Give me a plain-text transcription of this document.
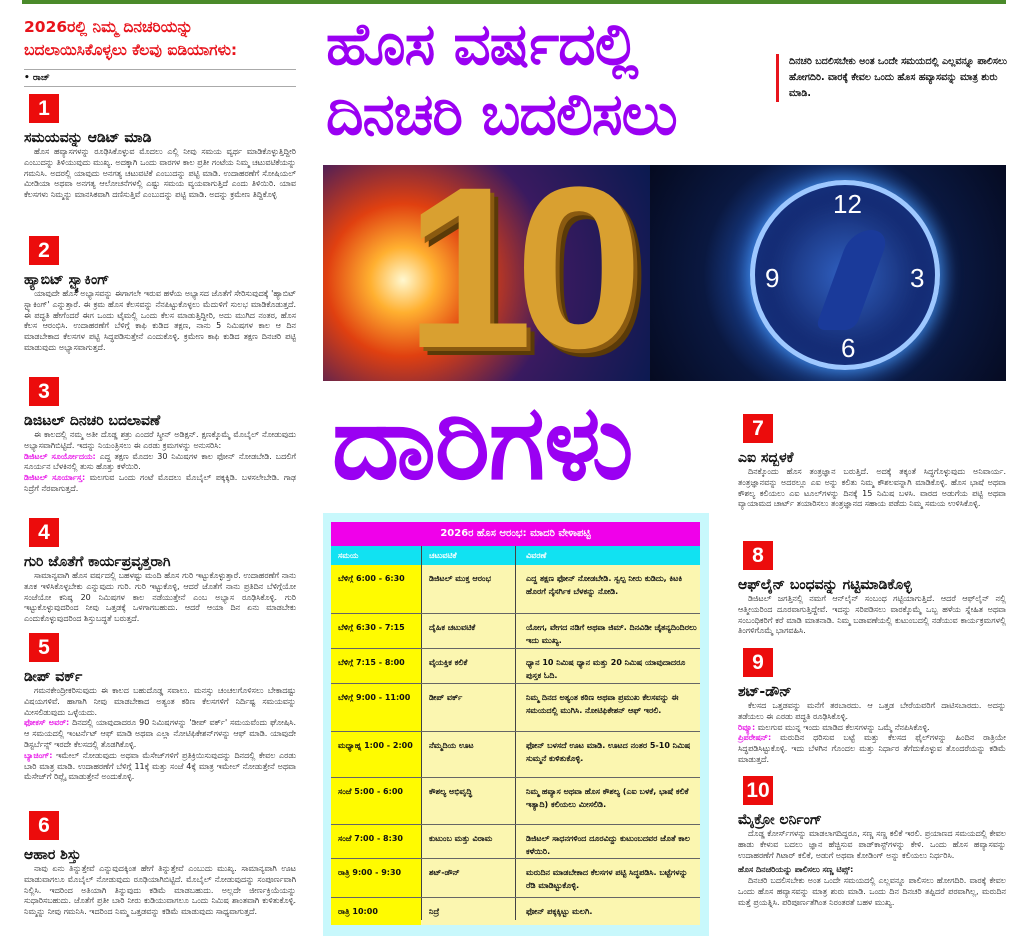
2026ರಲ್ಲಿ ನಿಮ್ಮ ದಿನಚರಿಯನ್ನು ಬದಲಾಯಿಸಿಕೊಳ್ಳಲು ಕೆಲವು ಐಡಿಯಾಗಳು:
• ರಾಜ್	ಹೊಸ ವರ್ಷದಲ್ಲಿ
ದಿನಚರಿ ಬದಲಿಸಲು
ದಿನಚರಿ ಬದಲಿಸಬೇಕು ಅಂತ ಒಂದೇ ಸಮಯದಲ್ಲಿ ಎಲ್ಲವನ್ನೂ ಪಾಲಿಸಲು ಹೋಗದಿರಿ. ವಾರಕ್ಕೆ ಕೇವಲ ಒಂದು ಹೊಸ ಹವ್ಯಾಸವನ್ನು ಮಾತ್ರ ಶುರು ಮಾಡಿ.
10	12
3
6
9
ದಾರಿಗಳು
1
ಸಮಯವನ್ನು ಆಡಿಟ್ ಮಾಡಿ

ಹೊಸ ಹವ್ಯಾಸಗಳನ್ನು ರೂಢಿಸಿಕೊಳ್ಳುವ ಮೊದಲು ಎಲ್ಲಿ ನೀವು ಸಮಯ ವ್ಯರ್ಥ ಮಾಡಿಕೊಳ್ಳುತ್ತಿದ್ದೀರಿ ಎಂಬುದನ್ನು ತಿಳಿಯುವುದು ಮುಖ್ಯ. ಅದಕ್ಕಾಗಿ ಒಂದು ವಾರಗಳ ಕಾಲ ಪ್ರತೀ ಗಂಟೆಯ ನಿಮ್ಮ ಚಟುವಟಿಕೆಯನ್ನು ಗಮನಿಸಿ. ಅದರಲ್ಲಿ ಯಾವುದು ಅನಗತ್ಯ ಚಟುವಟಿಕೆ ಎಂಬುದನ್ನು ಪಟ್ಟಿ ಮಾಡಿ. ಉದಾಹರಣೆಗೆ ಸೋಷಿಯಲ್ ಮೀಡಿಯಾ ಅಥವಾ ಅನಗತ್ಯ ಆಲೋಚನೆಗಳಲ್ಲಿ ಎಷ್ಟು ಸಮಯ ವ್ಯಯವಾಗುತ್ತಿದೆ ಎಂದು ತಿಳಿಯಿರಿ. ಯಾವ ಕೆಲಸಗಳು ನಿಮ್ಮನ್ನು ಮಾನಸಿಕವಾಗಿ ದಣಿಸುತ್ತಿವೆ ಎಂಬುದನ್ನು ಪಟ್ಟಿ ಮಾಡಿ. ಅದನ್ನು ಕ್ರಮೇಣ ತಿದ್ದಿಕೊಳ್ಳಿ

2
ಹ್ಯಾಬಿಟ್ ಸ್ಟ್ಯಾಕಿಂಗ್

ಯಾವುದೇ ಹೊಸ ಅಭ್ಯಾಸವನ್ನು ಈಗಾಗಲೇ ಇರುವ ಹಳೆಯ ಅಭ್ಯಾಸದ ಜೊತೆಗೆ ಸೇರಿಸುವುದಕ್ಕೆ 'ಹ್ಯಾಬಿಟ್ ಸ್ಟ್ಯಾಕಿಂಗ್' ಎನ್ನುತ್ತಾರೆ. ಈ ಕ್ರಮ ಹೊಸ ಕೆಲಸವನ್ನು ನೆನಪಿಟ್ಟುಕೊಳ್ಳಲು ಮೆದುಳಿಗೆ ಸುಲಭ ಮಾಡಿಕೊಡುತ್ತದೆ. ಈ ಪದ್ಧತಿ ಹೇಗೆಂದರೆ ಈಗ ಒಂದು ಟೈಮಲ್ಲಿ ಒಂದು ಕೆಲಸ ಮಾಡುತ್ತಿದ್ದೀರಿ, ಅದು ಮುಗಿದ ನಂತರ, ಹೊಸ ಕೆಲಸ ಆರಂಭಿಸಿ. ಉದಾಹರಣೆಗೆ ಬೆಳಿಗ್ಗೆ ಕಾಫಿ ಕುಡಿದ ತಕ್ಷಣ, ನಾನು 5 ನಿಮಿಷಗಳ ಕಾಲ ಆ ದಿನ ಮಾಡಬೇಕಾದ ಕೆಲಸಗಳ ಪಟ್ಟಿ ಸಿದ್ಧಪಡಿಸುತ್ತೇನೆ ಎಂದುಕೊಳ್ಳಿ. ಕ್ರಮೇಣ ಕಾಫಿ ಕುಡಿದ ತಕ್ಷಣ ದಿನಚರಿ ಪಟ್ಟಿ ಮಾಡುವುದು ಅಭ್ಯಾಸವಾಗುತ್ತದೆ.

3
ಡಿಜಿಟಲ್ ದಿನಚರಿ ಬದಲಾವಣೆ

ಈ ಕಾಲದಲ್ಲಿ ನಮ್ಮ ಅತೀ ದೊಡ್ಡ ಶತ್ರು ಎಂದರೆ ಸ್ಕ್ರೀನ್ ಅಡಿಕ್ಷನ್. ಕ್ಷಣಕ್ಕೊಮ್ಮೆ ಮೊಬೈಲ್ ನೋಡುವುದು ಅಭ್ಯಾಸವಾಗಿಬಿಟ್ಟಿದೆ. ಇದನ್ನು ನಿಯಂತ್ರಿಸಲು ಈ ಎರಡು ಕ್ರಮಗಳನ್ನು ಅನುಸರಿಸಿ:

ಡಿಜಿಟಲ್ ಸೂರ್ಯೋದಯ: ಎದ್ದ ತಕ್ಷಣ ಮೊದಲ 30 ನಿಮಿಷಗಳ ಕಾಲ ಫೋನ್ ನೋಡಬೇಡಿ. ಬದಲಿಗೆ ಸೂರ್ಯನ ಬೆಳಕಿನಲ್ಲಿ ತುಸು ಹೊತ್ತು ಕಳೆಯಿರಿ.

ಡಿಜಿಟಲ್ ಸೂರ್ಯಾಸ್ತ: ಮಲಗುವ ಒಂದು ಗಂಟೆ ಮೊದಲು ಮೊಬೈಲ್ ಪಕ್ಕಕ್ಕಿಡಿ. ಬಳಸಲೇಬೇಡಿ. ಗಾಢ ನಿದ್ರೆಗೆ ನೆರವಾಗುತ್ತದೆ.

4
ಗುರಿ ಜೊತೆಗೆ ಕಾರ್ಯಪ್ರವೃತ್ತರಾಗಿ

ಸಾಮಾನ್ಯವಾಗಿ ಹೊಸ ವರ್ಷದಲ್ಲಿ ಬಹಳಷ್ಟು ಮಂದಿ ಹೊಸ ಗುರಿ ಇಟ್ಟುಕೊಳ್ಳುತ್ತಾರೆ. ಉದಾಹರಣೆಗೆ ನಾನು ತೂಕ ಇಳಿಸಿಕೊಳ್ಳಬೇಕು ಎನ್ನುವುದು ಗುರಿ. ಗುರಿ ಇಟ್ಟುಕೊಳ್ಳಿ, ಆದರೆ ಜೊತೆಗೆ ನಾನು ಪ್ರತಿದಿನ ಬೆಳಿಗ್ಗೆಯೋ ಸಂಜೆಯೋ ಕನಿಷ್ಠ 20 ನಿಮಿಷಗಳ ಕಾಲ ನಡೆಯುತ್ತೇನೆ ಎಂಬ ಅಭ್ಯಾಸ ರೂಢಿಸಿಕೊಳ್ಳಿ. ಗುರಿ ಇಟ್ಟುಕೊಳ್ಳುವುದರಿಂದ ನೀವು ಒತ್ತಡಕ್ಕೆ ಒಳಗಾಗಬಹುದು. ಆದರೆ ಆಯಾ ದಿನ ಏನು ಮಾಡಬೇಕು ಎಂದುಕೊಳ್ಳುವುದರಿಂದ ಶಿಸ್ತುಬದ್ಧತೆ ಬರುತ್ತದೆ.

5
ಡೀಪ್ ವರ್ಕ್

ಗಮನಕೇಂದ್ರೀಕರಿಸುವುದು ಈ ಕಾಲದ ಬಹುದೊಡ್ಡ ಸವಾಲು. ಮನಸ್ಸು ಚಂಚಲಗೊಳಿಸಲು ಬೇಕಾದಷ್ಟು ವಿಷಯಗಳಿವೆ. ಹಾಗಾಗಿ ನೀವು ಮಾಡಬೇಕಾದ ಅತ್ಯಂತ ಕಠಿಣ ಕೆಲಸಗಳಿಗೆ ನಿರ್ದಿಷ್ಟ ಸಮಯವನ್ನು ಮೀಸಲಿಡುವುದು ಒಳ್ಳೆಯದು.

ಫೋಕಸ್ ಅವರ್: ದಿನದಲ್ಲಿ ಯಾವುದಾದರೂ 90 ನಿಮಿಷಗಳನ್ನು 'ಡೀಪ್ ವರ್ಕ್' ಸಮಯವೆಂದು ಘೋಷಿಸಿ. ಆ ಸಮಯದಲ್ಲಿ ಇಂಟರ್ನೆಟ್ ಆಫ್ ಮಾಡಿ ಅಥವಾ ಎಲ್ಲಾ ನೋಟಿಫಿಕೇಶನ್‌ಗಳನ್ನು ಆಫ್ ಮಾಡಿ. ಯಾವುದೇ ಡಿಸ್ಟರ್ಬೆನ್ಸ್ ಇರದೇ ಕೆಲಸದಲ್ಲಿ ತೊಡಗಿಕೊಳ್ಳಿ.

ಬ್ಯಾಚಿಂಗ್: ಇಮೇಲ್ ನೋಡುವುದು ಅಥವಾ ಮೆಸೇಜ್‌ಗಳಿಗೆ ಪ್ರತಿಕ್ರಿಯಿಸುವುದನ್ನು ದಿನದಲ್ಲಿ ಕೇವಲ ಎರಡು ಬಾರಿ ಮಾತ್ರ ಮಾಡಿ. ಉದಾಹರಣೆಗೆ ಬೆಳಿಗ್ಗೆ 11ಕ್ಕೆ ಮತ್ತು ಸಂಜೆ 4ಕ್ಕೆ ಮಾತ್ರ ಇಮೇಲ್ ನೋಡುತ್ತೇನೆ ಅಥವಾ ಮೆಸೇಜ್‌ಗೆ ರಿಪ್ಲೈ ಮಾಡುತ್ತೇನೆ ಅಂದುಕೊಳ್ಳಿ.

6
ಆಹಾರ ಶಿಸ್ತು

ನಾವು ಏನು ತಿನ್ನುತ್ತೇವೆ ಎನ್ನುವುದಕ್ಕಿಂತ ಹೇಗೆ ತಿನ್ನುತ್ತೇವೆ ಎಂಬುದು ಮುಖ್ಯ. ಸಾಮಾನ್ಯವಾಗಿ ಊಟ ಮಾಡುವಾಗಲೂ ಮೊಬೈಲ್ ನೋಡುವುದು ರೂಢಿಯಾಗಿಬಿಟ್ಟಿದೆ. ಮೊಬೈಲ್ ನೋಡುವುದನ್ನು ಸಂಪೂರ್ಣವಾಗಿ ನಿಲ್ಲಿಸಿ. ಇದರಿಂದ ಅತಿಯಾಗಿ ತಿನ್ನುವುದು ಕಡಿಮೆ ಮಾಡಬಹುದು. ಅಲ್ಲದೇ ಜೀರ್ಣಕ್ರಿಯೆಯನ್ನು ಸುಧಾರಿಸಬಹುದು. ಜೊತೆಗೆ ಪ್ರತೀ ಬಾರಿ ನೀರು ಕುಡಿಯುವಾಗಲೂ ಒಂದು ನಿಮಿಷ ಶಾಂತವಾಗಿ ಕುಳಿತುಕೊಳ್ಳಿ. ನಿಮ್ಮನ್ನು ನೀವು ಗಮನಿಸಿ. ಇದರಿಂದ ನಿಮ್ಮ ಒತ್ತಡವನ್ನು ಕಡಿಮೆ ಮಾಡುವುದು ಸಾಧ್ಯವಾಗುತ್ತದೆ.

7
ಎಐ ಸದ್ಬಳಕೆ

ದಿನಕ್ಕೊಂದು ಹೊಸ ತಂತ್ರಜ್ಞಾನ ಬರುತ್ತಿದೆ. ಅದಕ್ಕೆ ತಕ್ಕಂತೆ ಸಿದ್ಧಗೊಳ್ಳುವುದು ಅನಿವಾರ್ಯ. ತಂತ್ರಜ್ಞಾನವನ್ನು ಅದರಲ್ಲೂ ಎಐ ಅನ್ನು ಕಲಿತು ನಿಮ್ಮ ಕೌಶಲವನ್ನಾಗಿ ಮಾಡಿಕೊಳ್ಳಿ. ಹೊಸ ಭಾಷೆ ಅಥವಾ ಕೌಶಲ್ಯ ಕಲಿಯಲು ಎಐ ಟೂಲ್‌ಗಳನ್ನು ದಿನಕ್ಕೆ 15 ನಿಮಿಷ ಬಳಸಿ. ವಾರದ ಅಡುಗೆಯ ಪಟ್ಟಿ ಅಥವಾ ವ್ಯಾಯಾಮದ ಚಾರ್ಟ್ ತಯಾರಿಸಲು ತಂತ್ರಜ್ಞಾನದ ಸಹಾಯ ಪಡೆದು ನಿಮ್ಮ ಸಮಯ ಉಳಿಸಿಕೊಳ್ಳಿ.

8
ಆಫ್‌ಲೈನ್ ಬಂಧವನ್ನು ಗಟ್ಟಿಮಾಡಿಕೊಳ್ಳಿ

ಡಿಜಿಟಲ್ ಜಗತ್ತಿನಲ್ಲಿ ನಮಗೆ ಆನ್‌ಲೈನ್ ಸಂಬಂಧ ಗಟ್ಟಿಯಾಗುತ್ತಿದೆ. ಆದರೆ ಆಫ್‌ಲೈನ್ ನಲ್ಲಿ ಆತ್ಮೀಯರಿಂದ ದೂರವಾಗುತ್ತಿದ್ದೇವೆ. ಇದನ್ನು ಸರಿಪಡಿಸಲು ವಾರಕ್ಕೊಮ್ಮೆ ಒಬ್ಬ ಹಳೆಯ ಸ್ನೇಹಿತ ಅಥವಾ ಸಂಬಂಧಿಕರಿಗೆ ಕರೆ ಮಾಡಿ ಮಾತನಾಡಿ. ನಿಮ್ಮ ಬಡಾವಣೆಯಲ್ಲಿ ಕುಟುಂಬದಲ್ಲಿ ನಡೆಯುವ ಕಾರ್ಯಕ್ರಮಗಳಲ್ಲಿ ತಿಂಗಳಿಗೊಮ್ಮೆ ಭಾಗವಹಿಸಿ.

9
ಶಟ್-ಡೌನ್

ಕೆಲಸದ ಒತ್ತಡವನ್ನು ಮನೆಗೆ ತರಬಾರದು. ಆ ಒತ್ತಡ ಬೇರೆಯವರಿಗೆ ದಾಟಿಸಬಾರದು. ಅದನ್ನು ತಡೆಯಲು ಈ ಎರಡು ಪದ್ಧತಿ ರೂಢಿಸಿಕೊಳ್ಳಿ.

ರಿವ್ಯೂ: ಮಲಗುವ ಮುನ್ನ ಇಂದು ಮಾಡಿದ ಕೆಲಸಗಳನ್ನು ಒಮ್ಮೆ ನೆನಪಿಸಿಕೊಳ್ಳಿ.

ಪ್ರಿಪರೇಷನ್: ಮರುದಿನ ಧರಿಸುವ ಬಟ್ಟೆ ಮತ್ತು ಕೆಲಸದ ಫೈಲ್‌ಗಳನ್ನು ಹಿಂದಿನ ರಾತ್ರಿಯೇ ಸಿದ್ಧಪಡಿಸಿಟ್ಟುಕೊಳ್ಳಿ. ಇದು ಬೆಳಗಿನ ಗೊಂದಲ ಮತ್ತು ನಿರ್ಧಾರ ತೆಗೆದುಕೊಳ್ಳುವ ತೊಂದರೆಯನ್ನು ಕಡಿಮೆ ಮಾಡುತ್ತದೆ.

10
ಮೈಕ್ರೋ ಲರ್ನಿಂಗ್

ದೊಡ್ಡ ಕೋರ್ಸ್‌ಗಳನ್ನು ಮಾಡಲಾಗದಿದ್ದರೂ, ಸಣ್ಣ ಸಣ್ಣ ಕಲಿಕೆ ಇರಲಿ. ಪ್ರಯಾಣದ ಸಮಯದಲ್ಲಿ ಕೇವಲ ಹಾಡು ಕೇಳುವ ಬದಲು ಜ್ಞಾನ ಹೆಚ್ಚಿಸುವ ಪಾಡ್‌ಕಾಸ್ಟ್‌ಗಳನ್ನು ಕೇಳಿ. ಒಂದು ಹೊಸ ಹವ್ಯಾಸವನ್ನು ಉದಾಹರಣೆಗೆ ಗಿಟಾರ್ ಕಲಿಕೆ, ಅಡುಗೆ ಅಥವಾ ಕೋಡಿಂಗ್ ಅನ್ನು ಕಲಿಯಲು ನಿರ್ಧರಿಸಿ.

ಹೊಸ ದಿನಚರಿಯನ್ನು ಪಾಲಿಸಲು ಸಣ್ಣ ಟಿಪ್ಸ್:

ದಿನಚರಿ ಬದಲಿಸಬೇಕು ಅಂತ ಒಂದೇ ಸಮಯದಲ್ಲಿ ಎಲ್ಲವನ್ನೂ ಪಾಲಿಸಲು ಹೋಗದಿರಿ. ವಾರಕ್ಕೆ ಕೇವಲ ಒಂದು ಹೊಸ ಹವ್ಯಾಸವನ್ನು ಮಾತ್ರ ಶುರು ಮಾಡಿ. ಒಂದು ದಿನ ದಿನಚರಿ ತಪ್ಪಿದರೆ ಪರವಾಗಿಲ್ಲ, ಮರುದಿನ ಮತ್ತೆ ಪ್ರಯತ್ನಿಸಿ. ಪರಿಪೂರ್ಣತೆಗಿಂತ ನಿರಂತರತೆ ಬಹಳ ಮುಖ್ಯ.

2026ರ ಹೊಸ ಆರಂಭ: ಮಾದರಿ ವೇಳಾಪಟ್ಟಿ
ಸಮಯ	ಚಟುವಟಿಕೆ	ವಿವರಣೆ
ಬೆಳಿಗ್ಗೆ 6:00 - 6:30	ಡಿಜಿಟಲ್ ಮುಕ್ತ ಆರಂಭ	ಎದ್ದ ತಕ್ಷಣ ಫೋನ್ ನೋಡಬೇಡಿ. ಸ್ವಲ್ಪ ನೀರು ಕುಡಿದು, ಕಿಟಕಿ ಹೊರಗೆ ನೈಸರ್ಗಿಕ ಬೆಳಕನ್ನು ನೋಡಿ.
ಬೆಳಿಗ್ಗೆ 6:30 - 7:15	ದೈಹಿಕ ಚಟುವಟಿಕೆ	ಯೋಗ, ವೇಗದ ನಡಿಗೆ ಅಥವಾ ಜಿಮ್. ದಿನವಿಡೀ ಚೈತನ್ಯದಿಂದಿರಲು ಇದು ಮುಖ್ಯ.
ಬೆಳಿಗ್ಗೆ 7:15 - 8:00	ವೈಯಕ್ತಿಕ ಕಲಿಕೆ	ಧ್ಯಾನ 10 ನಿಮಿಷ ಧ್ಯಾನ ಮತ್ತು 20 ನಿಮಿಷ ಯಾವುದಾದರೂ ಪುಸ್ತಕ ಓದಿ.
ಬೆಳಿಗ್ಗೆ 9:00 - 11:00	ಡೀಪ್ ವರ್ಕ್	ನಿಮ್ಮ ದಿನದ ಅತ್ಯಂತ ಕಠಿಣ ಅಥವಾ ಪ್ರಮುಖ ಕೆಲಸವನ್ನು ಈ ಸಮಯದಲ್ಲಿ ಮುಗಿಸಿ. ನೋಟಿಫಿಕೇಶನ್ ಆಫ್ ಇರಲಿ.
ಮಧ್ಯಾಹ್ನ 1:00 - 2:00	ನೆಮ್ಮದಿಯ ಊಟ	ಫೋನ್ ಬಳಸದೆ ಊಟ ಮಾಡಿ. ಊಟದ ನಂತರ 5-10 ನಿಮಿಷ ಸುಮ್ಮನೆ ಕುಳಿತುಕೊಳ್ಳಿ.
ಸಂಜೆ 5:00 - 6:00	ಕೌಶಲ್ಯ ಅಭಿವೃದ್ಧಿ	ನಿಮ್ಮ ಹವ್ಯಾಸ ಅಥವಾ ಹೊಸ ಕೌಶಲ್ಯ (ಎಐ ಬಳಕೆ, ಭಾಷೆ ಕಲಿಕೆ ಇತ್ಯಾದಿ) ಕಲಿಯಲು ಮೀಸಲಿಡಿ.
ಸಂಜೆ 7:00 - 8:30	ಕುಟುಂಬ ಮತ್ತು ವಿರಾಮ	ಡಿಜಿಟಲ್ ಸಾಧನಗಳಿಂದ ದೂರವಿದ್ದು ಕುಟುಂಬದವರ ಜೊತೆ ಕಾಲ ಕಳೆಯಿರಿ.
ರಾತ್ರಿ 9:00 - 9:30	ಶಟ್-ಡೌನ್	ಮರುದಿನ ಮಾಡಬೇಕಾದ ಕೆಲಸಗಳ ಪಟ್ಟಿ ಸಿದ್ಧಪಡಿಸಿ. ಬಟ್ಟೆಗಳನ್ನು ರೆಡಿ ಮಾಡಿಟ್ಟುಕೊಳ್ಳಿ.
ರಾತ್ರಿ 10:00	ನಿದ್ರೆ	ಫೋನ್ ಪಕ್ಕಕ್ಕಿಟ್ಟು ಮಲಗಿ.
